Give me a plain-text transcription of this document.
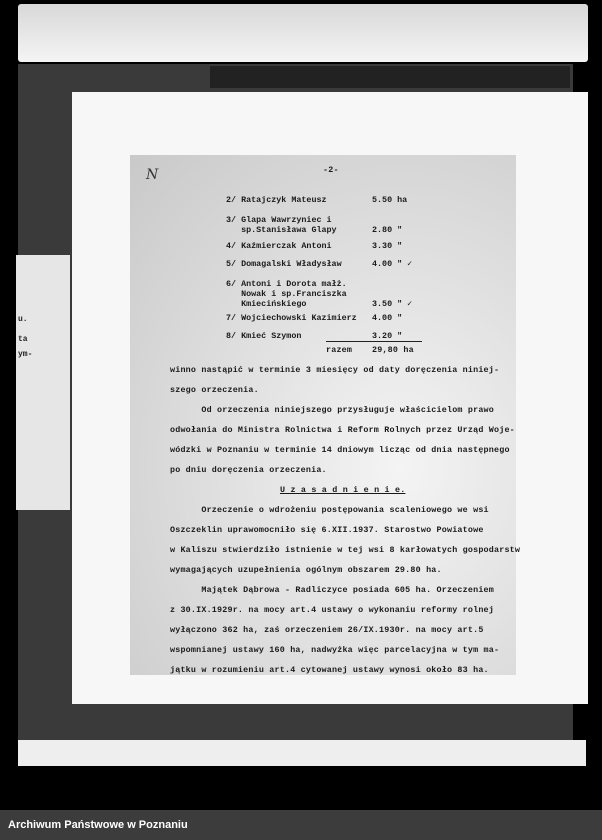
u.
ta
ym-
N	-2-
2/ Ratajczyk Mateusz	5.50 ha
3/ Glapa Wawrzyniec i
sp.Stanisława Glapy	2.80 "
4/ Kaźmierczak Antoni	3.30 "
5/ Domagalski Władysław	4.00 " ✓
6/ Antoni i Dorota małż.
Nowak i sp.Franciszka
Kmiecińskiego	3.50 " ✓
7/ Wojciechowski Kazimierz 4.00 "
8/ Kmieć Szymon	3.20 "
razem 29,80 ha
winno nastąpić w terminie 3 miesięcy od daty doręczenia niniej-
szego orzeczenia.
Od orzeczenia niniejszego przysługuje właścicielom prawo
odwołania do Ministra Rolnictwa i Reform Rolnych przez Urząd Woje-
wódzki w Poznaniu w terminie 14 dniowym licząc od dnia następnego
po dniu doręczenia orzeczenia.
U z a s a d n i e n i e.
Orzeczenie o wdrożeniu postępowania scaleniowego we wsi
Oszczeklin uprawomocniło się 6.XII.1937. Starostwo Powiatowe
w Kaliszu stwierdziło istnienie w tej wsi 8 karłowatych gospodarstw
wymagających uzupełnienia ogólnym obszarem 29.80 ha.
Majątek Dąbrowa - Radliczyce posiada 605 ha. Orzeczeniem
z 30.IX.1929r. na mocy art.4 ustawy o wykonaniu reformy rolnej
wyłączono 362 ha, zaś orzeczeniem 26/IX.1930r. na mocy art.5
wspomnianej ustawy 160 ha, nadwyżka więc parcelacyjna w tym ma-
jątku w rozumieniu art.4 cytowanej ustawy wynosi około 83 ha.
Archiwum Państwowe w Poznaniu
